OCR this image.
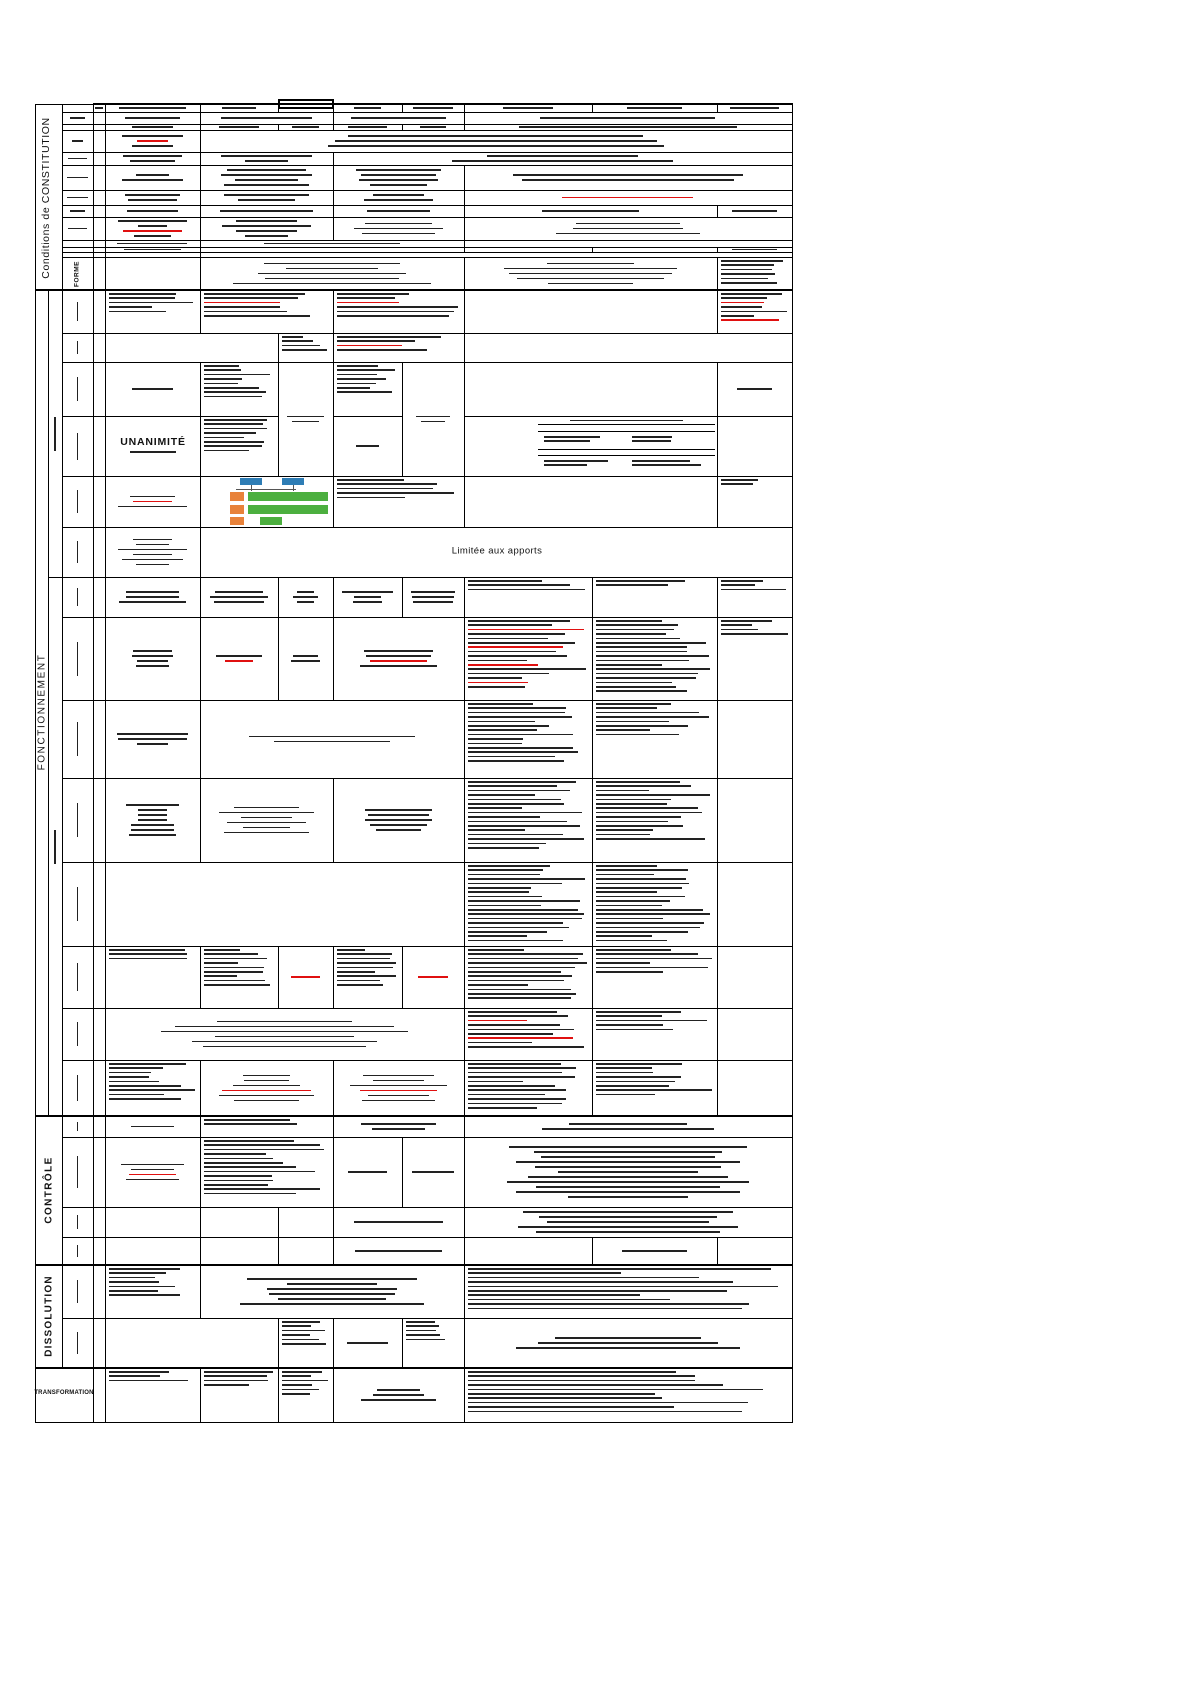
Conditions de CONSTITUTION	FORME
FONCTIONNEMENT
CONTRÔLE
DISSOLUTION
TRANSFORMATION
UNANIMITÉ
Limitée aux apports
